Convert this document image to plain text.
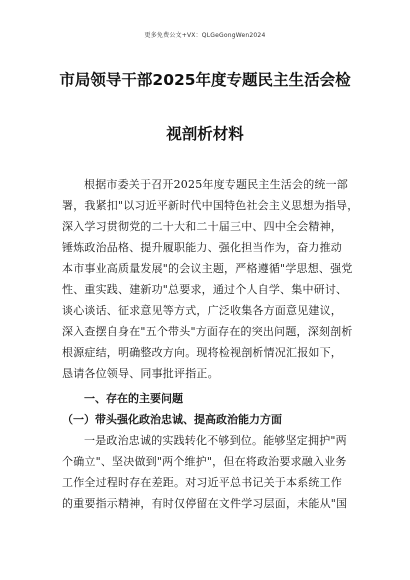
更多免费公文+VX：QLGeGongWen2024
市局领导干部2025年度专题民主生活会检
视剖析材料
根据市委关于召开2025年度专题民主生活会的统一部
署，我紧扣"以习近平新时代中国特色社会主义思想为指导，
深入学习贯彻党的二十大和二十届三中、四中全会精神，
锤炼政治品格、提升履职能力、强化担当作为，奋力推动
本市事业高质量发展"的会议主题，严格遵循"学思想、强党
性、重实践、建新功"总要求，通过个人自学、集中研讨、
谈心谈话、征求意见等方式，广泛收集各方面意见建议，
深入查摆自身在"五个带头"方面存在的突出问题，深刻剖析
根源症结，明确整改方向。现将检视剖析情况汇报如下，
恳请各位领导、同事批评指正。
一、存在的主要问题
（一）带头强化政治忠诚、提高政治能力方面
一是政治忠诚的实践转化不够到位。能够坚定拥护"两
个确立"、坚决做到"两个维护"，但在将政治要求融入业务
工作全过程时存在差距。对习近平总书记关于本系统工作
的重要指示精神，有时仅停留在文件学习层面，未能从"国
